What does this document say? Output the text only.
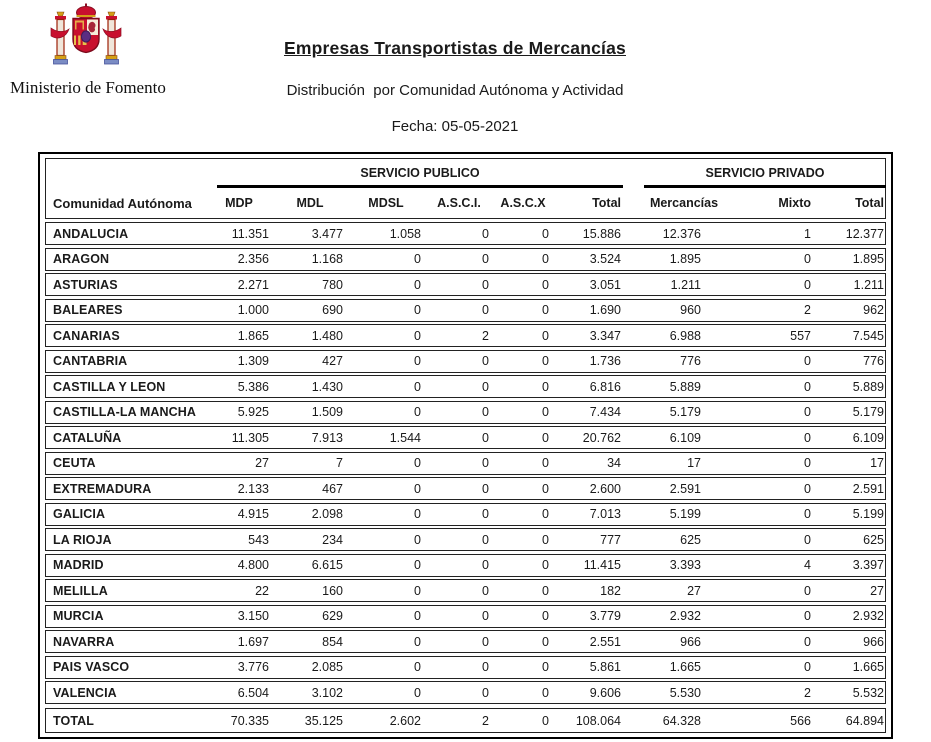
Ministerio de Fomento
Empresas Transportistas de Mercancías
Distribución  por Comunidad Autónoma y Actividad
Fecha: 05-05-2021
SERVICIO PUBLICO	SERVICIO PRIVADO
Comunidad Autónoma	MDP	MDL	MDSL	A.S.C.I.	A.S.C.X	Total	Mercancías	Mixto	Total
ANDALUCIA	11.351	3.477	1.058	0	0	15.886	12.376	1	12.377
ARAGON	2.356	1.168	0	0	0	3.524	1.895	0	1.895
ASTURIAS	2.271	780	0	0	0	3.051	1.211	0	1.211
BALEARES	1.000	690	0	0	0	1.690	960	2	962
CANARIAS	1.865	1.480	0	2	0	3.347	6.988	557	7.545
CANTABRIA	1.309	427	0	0	0	1.736	776	0	776
CASTILLA Y LEON	5.386	1.430	0	0	0	6.816	5.889	0	5.889
CASTILLA-LA MANCHA	5.925	1.509	0	0	0	7.434	5.179	0	5.179
CATALUÑA	11.305	7.913	1.544	0	0	20.762	6.109	0	6.109
CEUTA	27	7	0	0	0	34	17	0	17
EXTREMADURA	2.133	467	0	0	0	2.600	2.591	0	2.591
GALICIA	4.915	2.098	0	0	0	7.013	5.199	0	5.199
LA RIOJA	543	234	0	0	0	777	625	0	625
MADRID	4.800	6.615	0	0	0	11.415	3.393	4	3.397
MELILLA	22	160	0	0	0	182	27	0	27
MURCIA	3.150	629	0	0	0	3.779	2.932	0	2.932
NAVARRA	1.697	854	0	0	0	2.551	966	0	966
PAIS VASCO	3.776	2.085	0	0	0	5.861	1.665	0	1.665
VALENCIA	6.504	3.102	0	0	0	9.606	5.530	2	5.532
TOTAL	70.335	35.125	2.602	2	0	108.064	64.328	566	64.894
